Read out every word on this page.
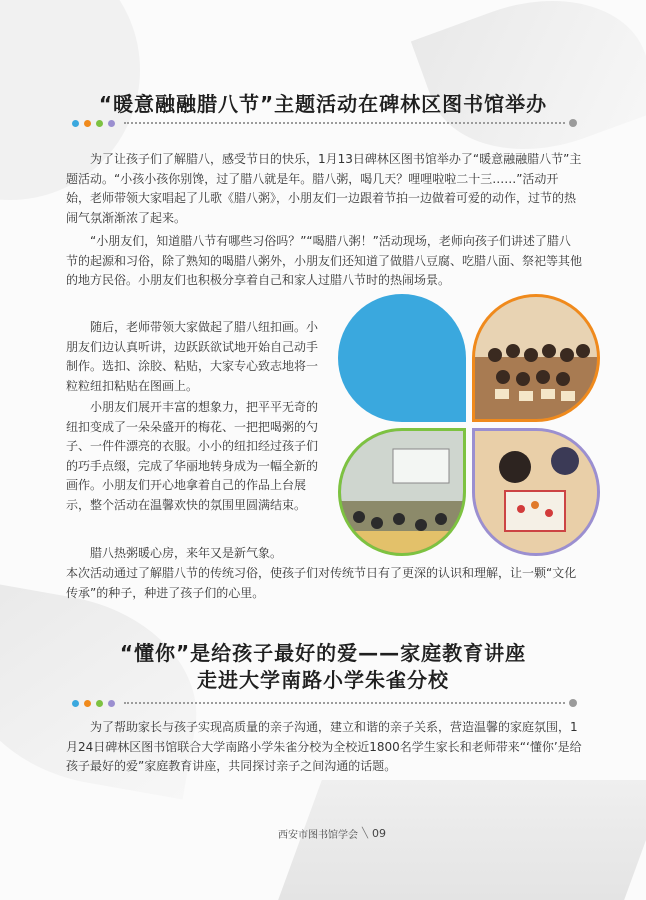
“暖意融融腊八节”主题活动在碑林区图书馆举办

为了让孩子们了解腊八，感受节日的快乐，1月13日碑林区图书馆举办了“暖意融融腊八节”主题活动。“小孩小孩你别馋，过了腊八就是年。腊八粥，喝几天？哩哩啦啦二十三……”活动开始，老师带领大家唱起了儿歌《腊八粥》，小朋友们一边跟着节拍一边做着可爱的动作，过节的热闹气氛渐渐浓了起来。

“小朋友们，知道腊八节有哪些习俗吗？”“喝腊八粥！”活动现场，老师向孩子们讲述了腊八节的起源和习俗，除了熟知的喝腊八粥外，小朋友们还知道了做腊八豆腐、吃腊八面、祭祀等其他的地方民俗。小朋友们也积极分享着自己和家人过腊八节时的热闹场景。

随后，老师带领大家做起了腊八纽扣画。小朋友们边认真听讲，边跃跃欲试地开始自己动手制作。选扣、涂胶、粘贴，大家专心致志地将一粒粒纽扣粘贴在图画上。

小朋友们展开丰富的想象力，把平平无奇的纽扣变成了一朵朵盛开的梅花、一把把喝粥的勺子、一件件漂亮的衣服。小小的纽扣经过孩子们的巧手点缀，完成了华丽地转身成为一幅全新的画作。小朋友们开心地拿着自己的作品上台展示，整个活动在温馨欢快的氛围里圆满结束。

腊八热粥暖心房，来年又是新气象。

本次活动通过了解腊八节的传统习俗，使孩子们对传统节日有了更深的认识和理解，让一颗“文化传承”的种子，种进了孩子们的心里。

“懂你”是给孩子最好的爱——家庭教育讲座
走进大学南路小学朱雀分校

为了帮助家长与孩子实现高质量的亲子沟通，建立和谐的亲子关系，营造温馨的家庭氛围，1月24日碑林区图书馆联合大学南路小学朱雀分校为全校近1800名学生家长和老师带来“‘懂你’是给孩子最好的爱”家庭教育讲座，共同探讨亲子之间沟通的话题。

西安市图书馆学会 ╲ 09
